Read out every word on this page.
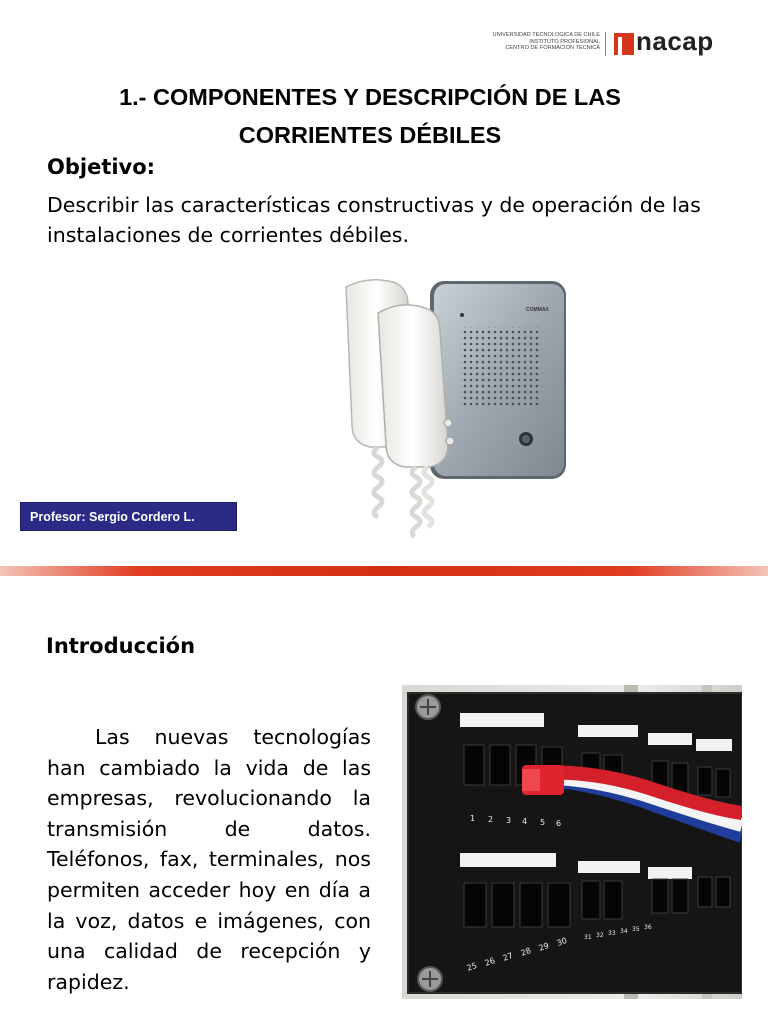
UNIVERSIDAD TECNOLOGICA DE CHILE
INSTITUTO PROFESIONAL
CENTRO DE FORMACION TECNICA nacap
1.- COMPONENTES Y DESCRIPCIÓN DE LAS
CORRIENTES DÉBILES
Objetivo:
Describir las características constructivas y de operación de las instalaciones de corrientes débiles.
COMMAX
Profesor: Sergio Cordero L.
Introducción
Las nuevas tecnologías han cambiado la vida de las empresas, revolucionando la transmisión de datos. Teléfonos, fax, terminales, nos permiten acceder hoy en día a la voz, datos e imágenes, con una calidad de recepción y rapidez.
1 2 3 4 5 6
25 26 27 28 29 30	31 32 33 34 35 36
